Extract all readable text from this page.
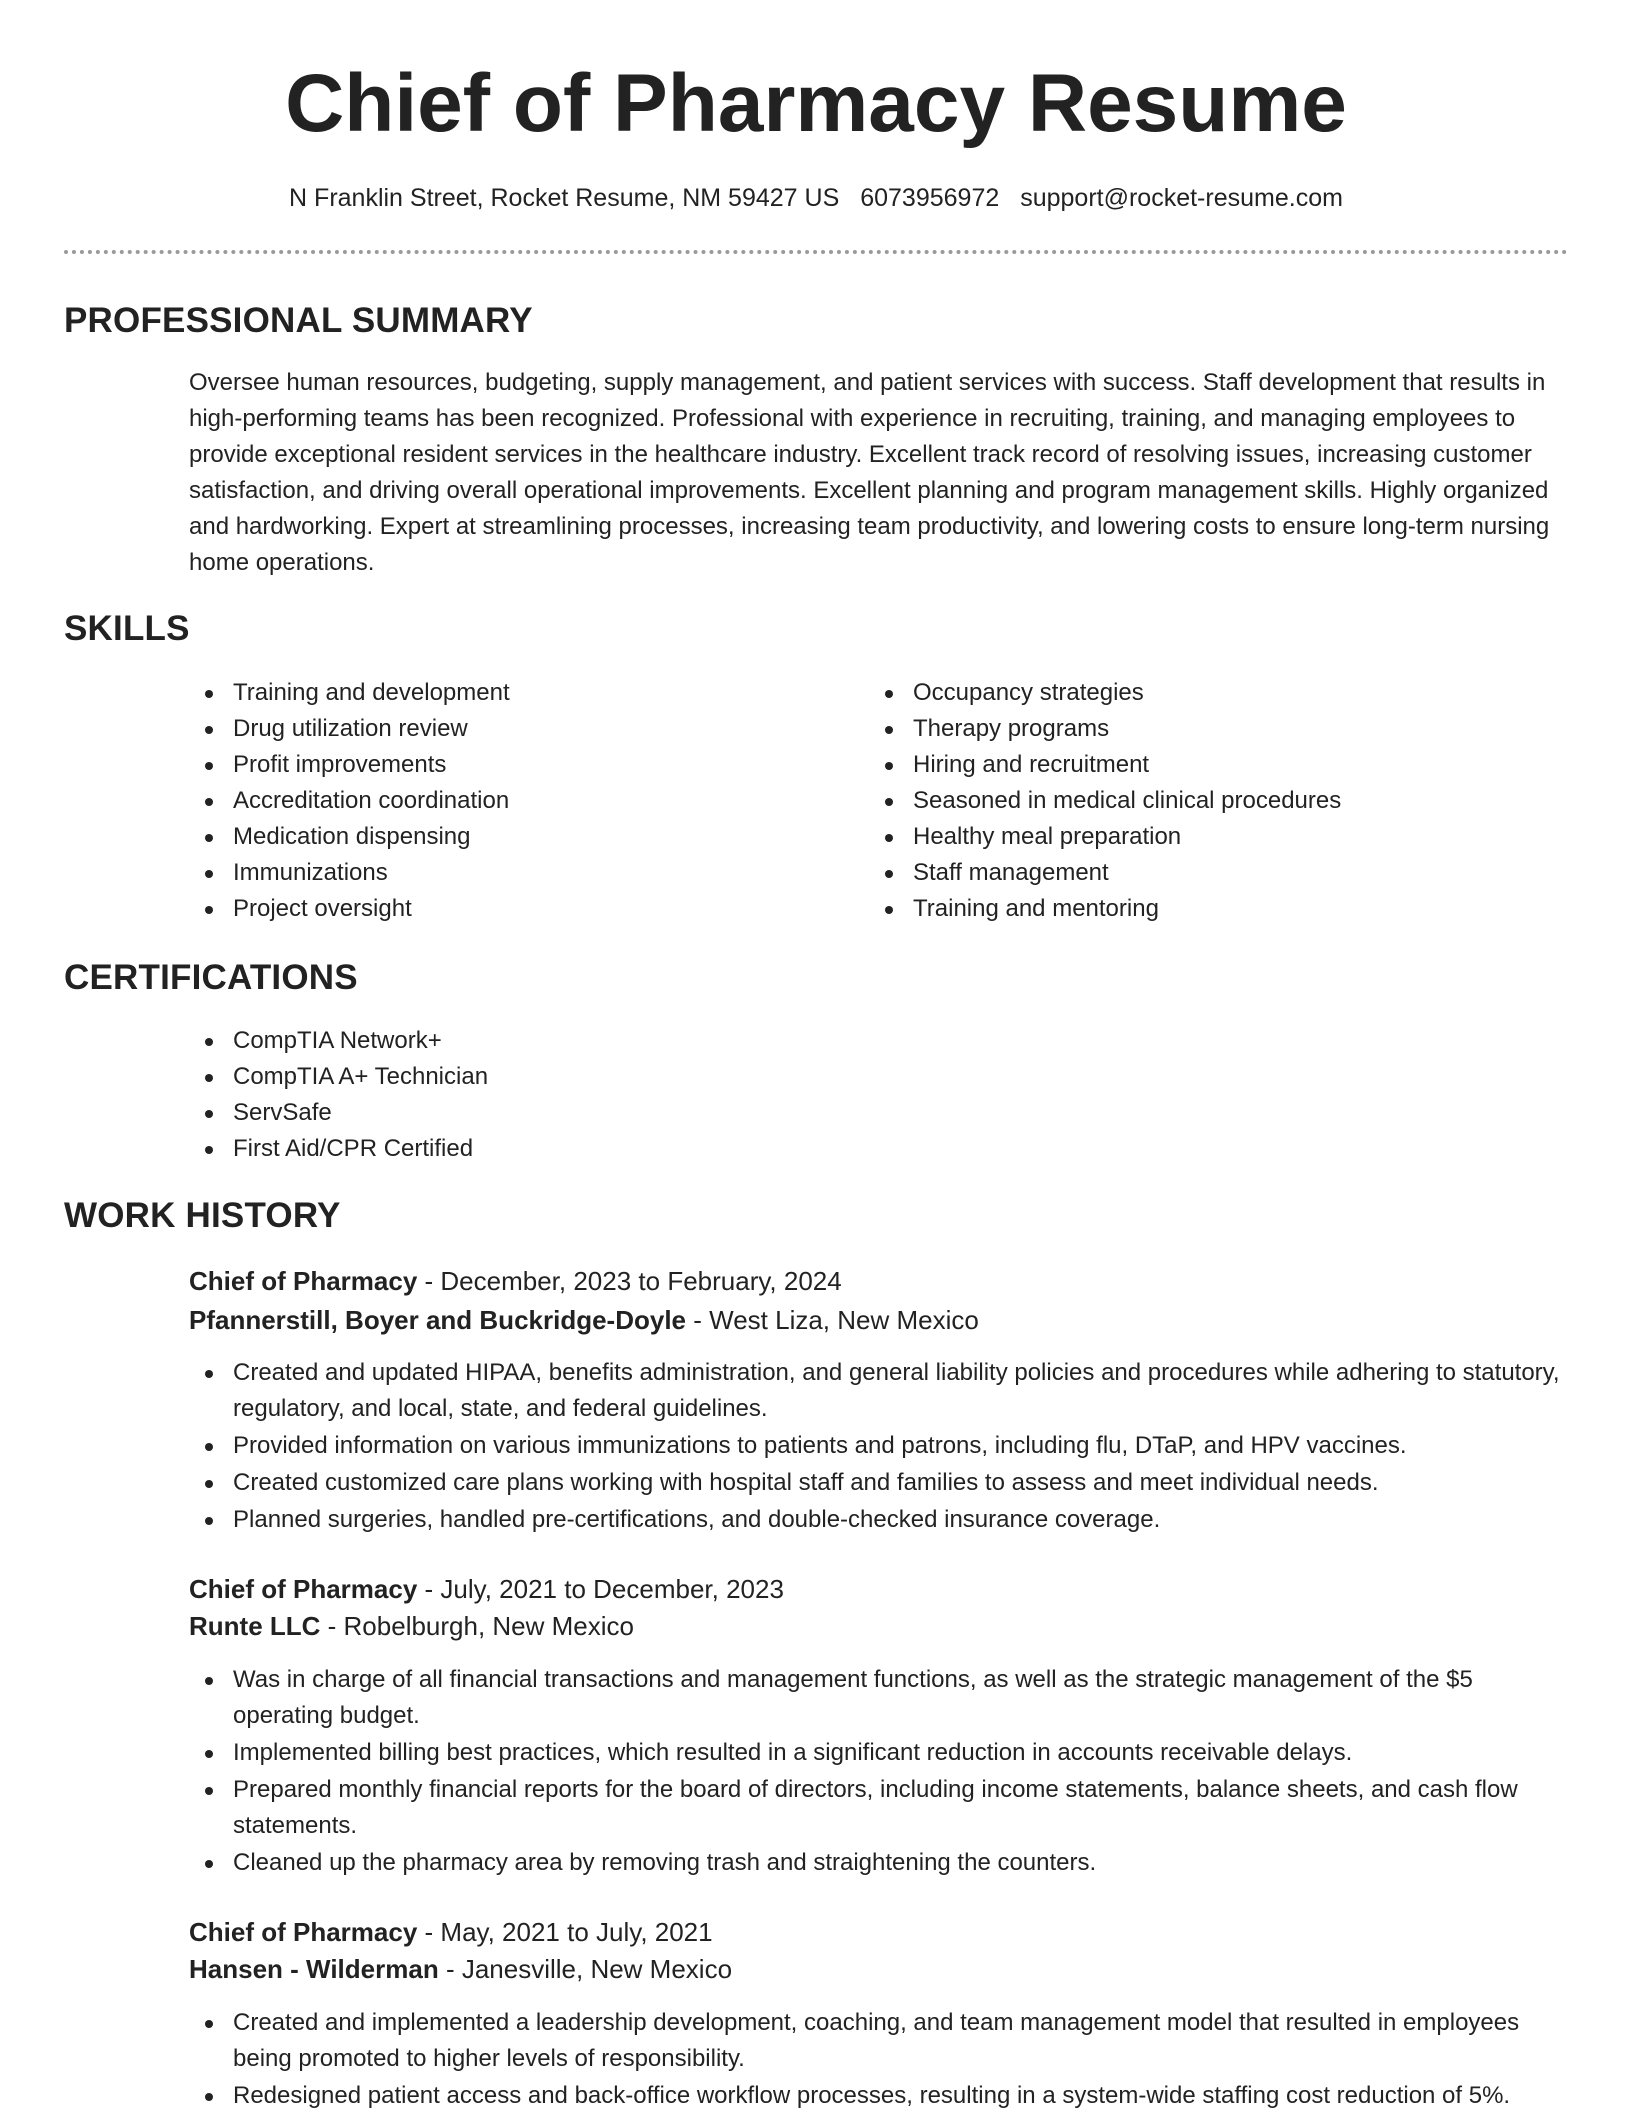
Chief of Pharmacy Resume
N Franklin Street, Rocket Resume, NM 59427 US 6073956972 support@rocket-resume.com
PROFESSIONAL SUMMARY

Oversee human resources, budgeting, supply management, and patient services with success. Staff development that results in high-performing teams has been recognized. Professional with experience in recruiting, training, and managing employees to provide exceptional resident services in the healthcare industry. Excellent track record of resolving issues, increasing customer satisfaction, and driving overall operational improvements. Excellent planning and program management skills. Highly organized and hardworking. Expert at streamlining processes, increasing team productivity, and lowering costs to ensure long-term nursing home operations.

SKILLS
Training and development
Drug utilization review
Profit improvements
Accreditation coordination
Medication dispensing
Immunizations
Project oversight
Occupancy strategies
Therapy programs
Hiring and recruitment
Seasoned in medical clinical procedures
Healthy meal preparation
Staff management
Training and mentoring
CERTIFICATIONS
CompTIA Network+
CompTIA A+ Technician
ServSafe
First Aid/CPR Certified
WORK HISTORY
Chief of Pharmacy - December, 2023 to February, 2024
Pfannerstill, Boyer and Buckridge-Doyle - West Liza, New Mexico
Created and updated HIPAA, benefits administration, and general liability policies and procedures while adhering to statutory, regulatory, and local, state, and federal guidelines.
Provided information on various immunizations to patients and patrons, including flu, DTaP, and HPV vaccines.
Created customized care plans working with hospital staff and families to assess and meet individual needs.
Planned surgeries, handled pre-certifications, and double-checked insurance coverage.
Chief of Pharmacy - July, 2021 to December, 2023
Runte LLC - Robelburgh, New Mexico
Was in charge of all financial transactions and management functions, as well as the strategic management of the $5 operating budget.
Implemented billing best practices, which resulted in a significant reduction in accounts receivable delays.
Prepared monthly financial reports for the board of directors, including income statements, balance sheets, and cash flow statements.
Cleaned up the pharmacy area by removing trash and straightening the counters.
Chief of Pharmacy - May, 2021 to July, 2021
Hansen - Wilderman - Janesville, New Mexico
Created and implemented a leadership development, coaching, and team management model that resulted in employees being promoted to higher levels of responsibility.
Redesigned patient access and back-office workflow processes, resulting in a system-wide staffing cost reduction of 5%.
